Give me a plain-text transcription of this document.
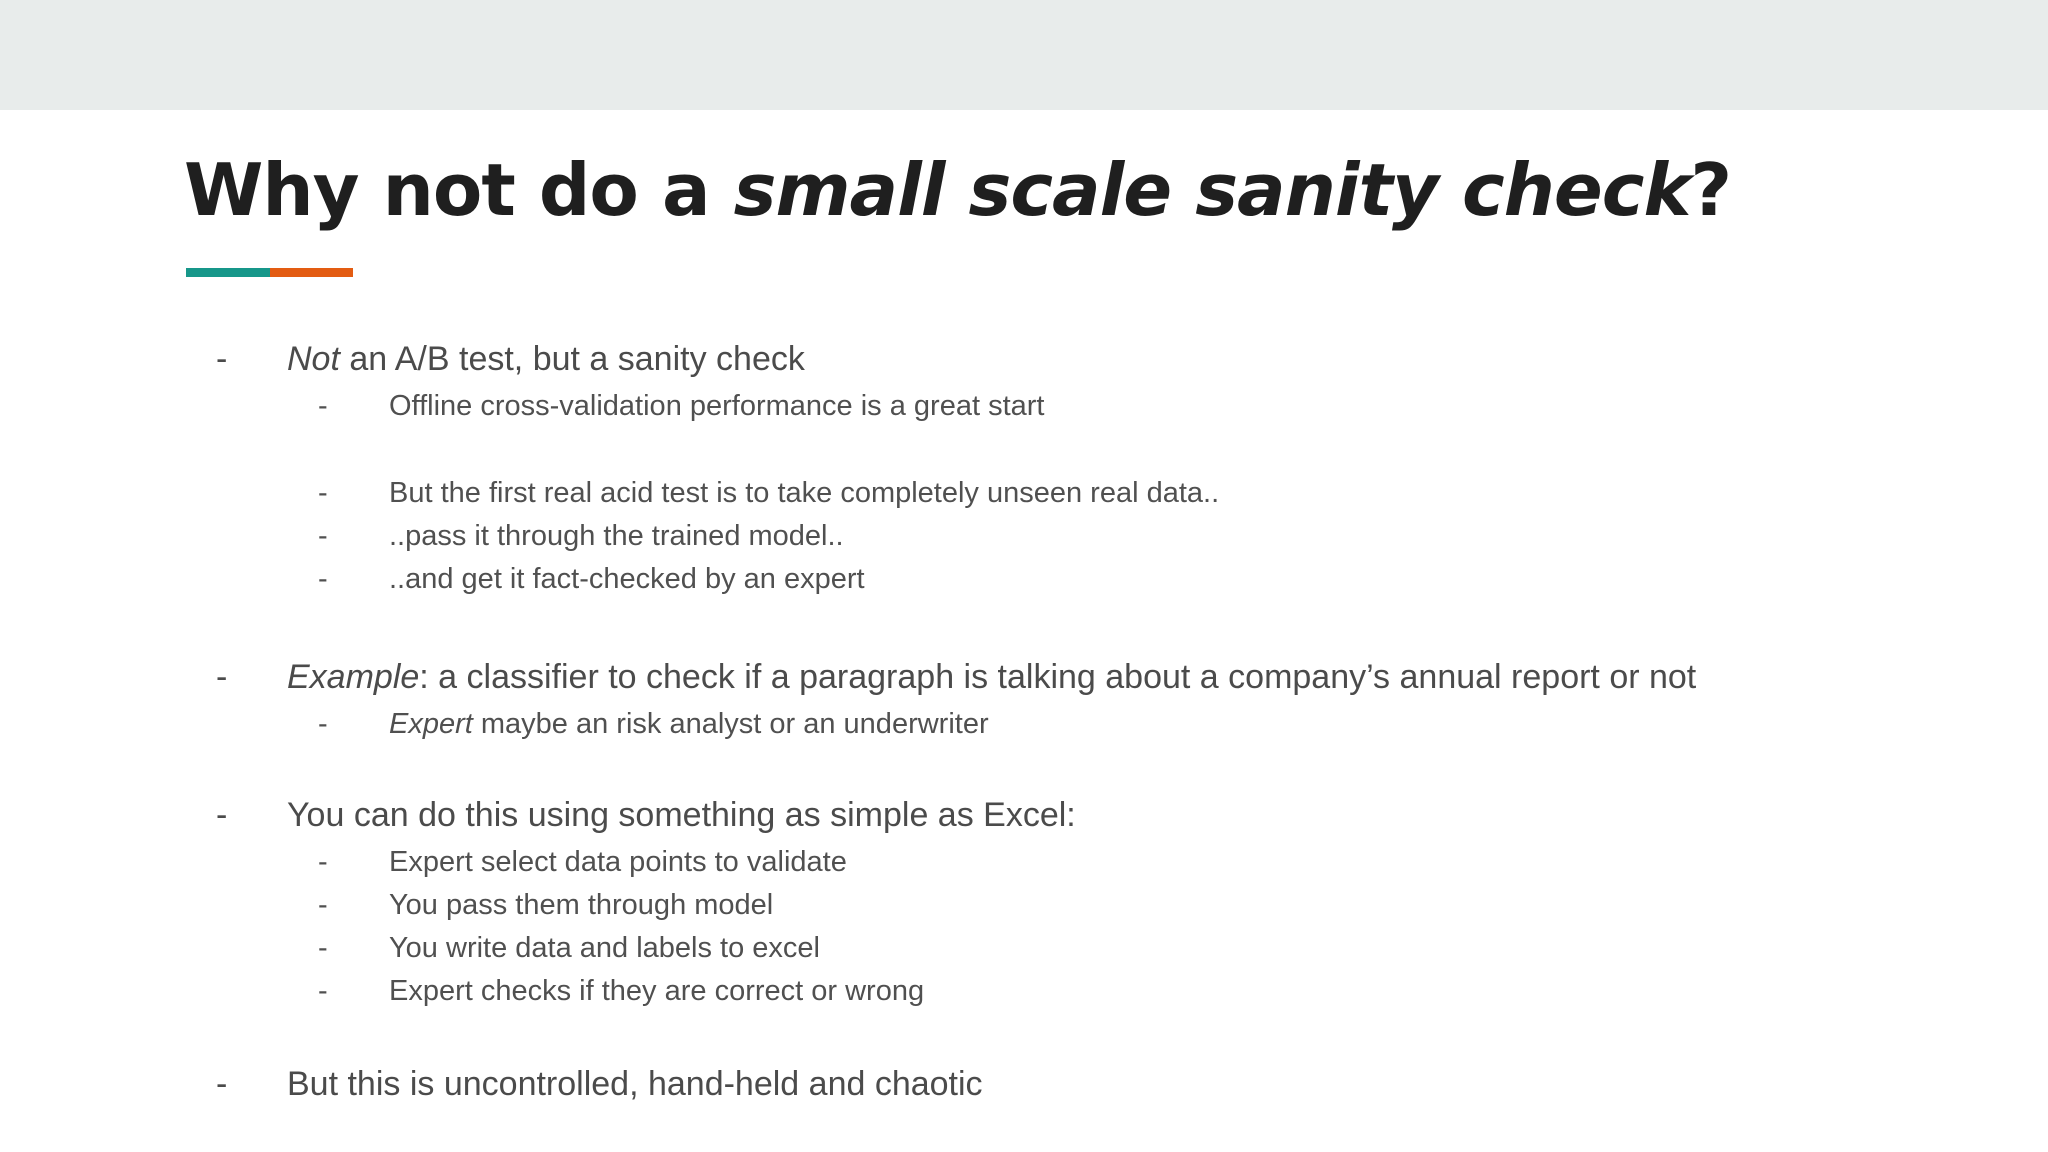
Why not do a small scale sanity check?
- Not an A/B test, but a sanity check
- Offline cross-validation performance is a great start
- But the first real acid test is to take completely unseen real data..
- ..pass it through the trained model..
- ..and get it fact-checked by an expert
- Example: a classifier to check if a paragraph is talking about a company’s annual report or not
- Expert maybe an risk analyst or an underwriter
- You can do this using something as simple as Excel:
- Expert select data points to validate
- You pass them through model
- You write data and labels to excel
- Expert checks if they are correct or wrong
- But this is uncontrolled, hand-held and chaotic
